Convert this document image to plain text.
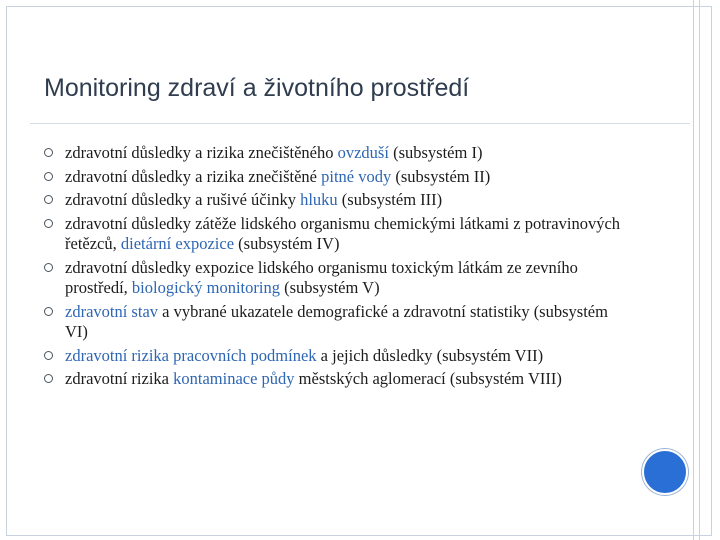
Monitoring zdraví a životního prostředí
zdravotní důsledky a rizika znečištěného ovzduší (subsystém I)
zdravotní důsledky a rizika znečištěné pitné vody (subsystém II)
zdravotní důsledky a rušivé účinky hluku (subsystém III)
zdravotní důsledky zátěže lidského organismu chemickými látkami z potravinových řetězců, dietární expozice (subsystém IV)
zdravotní důsledky expozice lidského organismu toxickým látkám ze zevního prostředí, biologický monitoring (subsystém V)
zdravotní stav a vybrané ukazatele demografické a zdravotní statistiky (subsystém VI)
zdravotní rizika pracovních podmínek a jejich důsledky (subsystém VII)
zdravotní rizika kontaminace půdy městských aglomerací (subsystém VIII)
